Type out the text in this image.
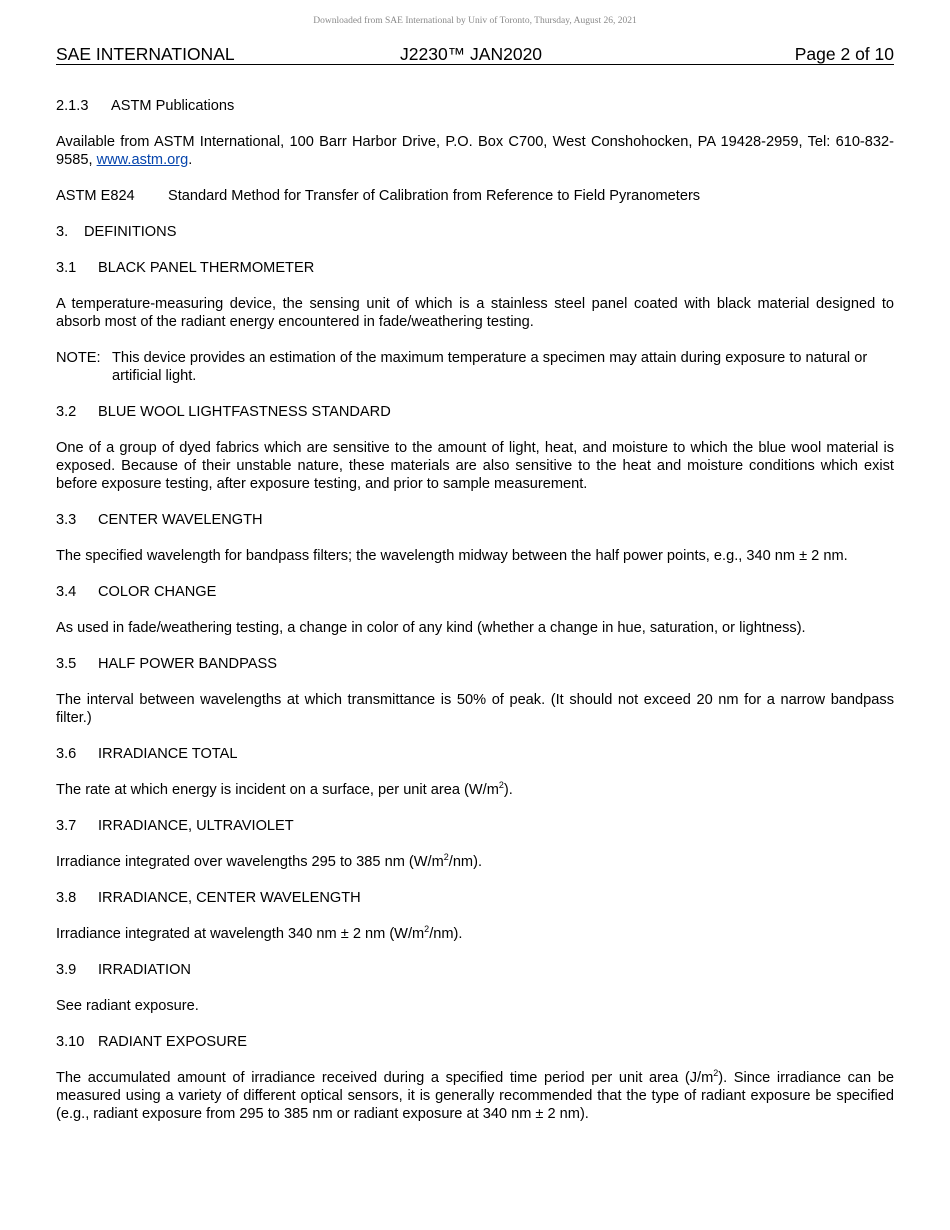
Downloaded from SAE International by Univ of Toronto, Thursday, August 26, 2021
SAE INTERNATIONAL	J2230™ JAN2020	Page 2 of 10
2.1.3 ASTM Publications

Available from ASTM International, 100 Barr Harbor Drive, P.O. Box C700, West Conshohocken, PA 19428-2959, Tel: 610-832-9585, www.astm.org.

ASTM E824 Standard Method for Transfer of Calibration from Reference to Field Pyranometers
3. DEFINITIONS
3.1 BLACK PANEL THERMOMETER

A temperature-measuring device, the sensing unit of which is a stainless steel panel coated with black material designed to absorb most of the radiant energy encountered in fade/weathering testing.

NOTE: This device provides an estimation of the maximum temperature a specimen may attain during exposure to natural or artificial light.
3.2 BLUE WOOL LIGHTFASTNESS STANDARD

One of a group of dyed fabrics which are sensitive to the amount of light, heat, and moisture to which the blue wool material is exposed. Because of their unstable nature, these materials are also sensitive to the heat and moisture conditions which exist before exposure testing, after exposure testing, and prior to sample measurement.

3.3 CENTER WAVELENGTH

The specified wavelength for bandpass filters; the wavelength midway between the half power points, e.g., 340 nm ± 2 nm.

3.4 COLOR CHANGE

As used in fade/weathering testing, a change in color of any kind (whether a change in hue, saturation, or lightness).

3.5 HALF POWER BANDPASS

The interval between wavelengths at which transmittance is 50% of peak. (It should not exceed 20 nm for a narrow bandpass filter.)

3.6 IRRADIANCE TOTAL

The rate at which energy is incident on a surface, per unit area $(W/m^2)$.

3.7 IRRADIANCE, ULTRAVIOLET

Irradiance integrated over wavelengths 295 to 385 nm $(W/m^2/nm)$.

3.8 IRRADIANCE, CENTER WAVELENGTH

Irradiance integrated at wavelength 340 nm ± 2 nm $(W/m^2/nm)$.

3.9 IRRADIATION

See radiant exposure.

3.10 RADIANT EXPOSURE

The accumulated amount of irradiance received during a specified time period per unit area $(J/m^2)$. Since irradiance can be measured using a variety of different optical sensors, it is generally recommended that the type of radiant exposure be specified (e.g., radiant exposure from 295 to 385 nm or radiant exposure at 340 nm ± 2 nm).
